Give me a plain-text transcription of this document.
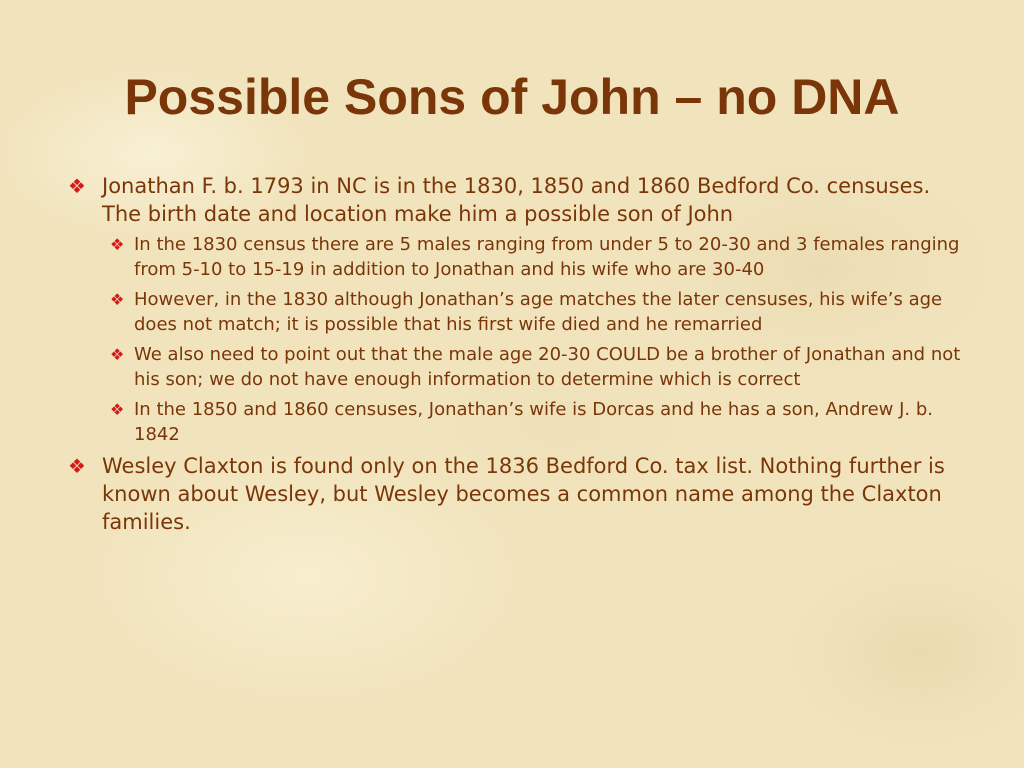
Possible Sons of John – no DNA
❖ Jonathan F. b. 1793 in NC is in the 1830, 1850 and 1860 Bedford Co. censuses. The birth date and location make him a possible son of John
❖ In the 1830 census there are 5 males ranging from under 5 to 20-30 and 3 females ranging from 5-10 to 15-19 in addition to Jonathan and his wife who are 30-40
❖ However, in the 1830 although Jonathan’s age matches the later censuses, his wife’s age does not match; it is possible that his first wife died and he remarried
❖ We also need to point out that the male age 20-30 COULD be a brother of Jonathan and not his son; we do not have enough information to determine which is correct
❖ In the 1850 and 1860 censuses, Jonathan’s wife is Dorcas and he has a son, Andrew J. b. 1842
❖ Wesley Claxton is found only on the 1836 Bedford Co. tax list. Nothing further is known about Wesley, but Wesley becomes a common name among the Claxton families.
